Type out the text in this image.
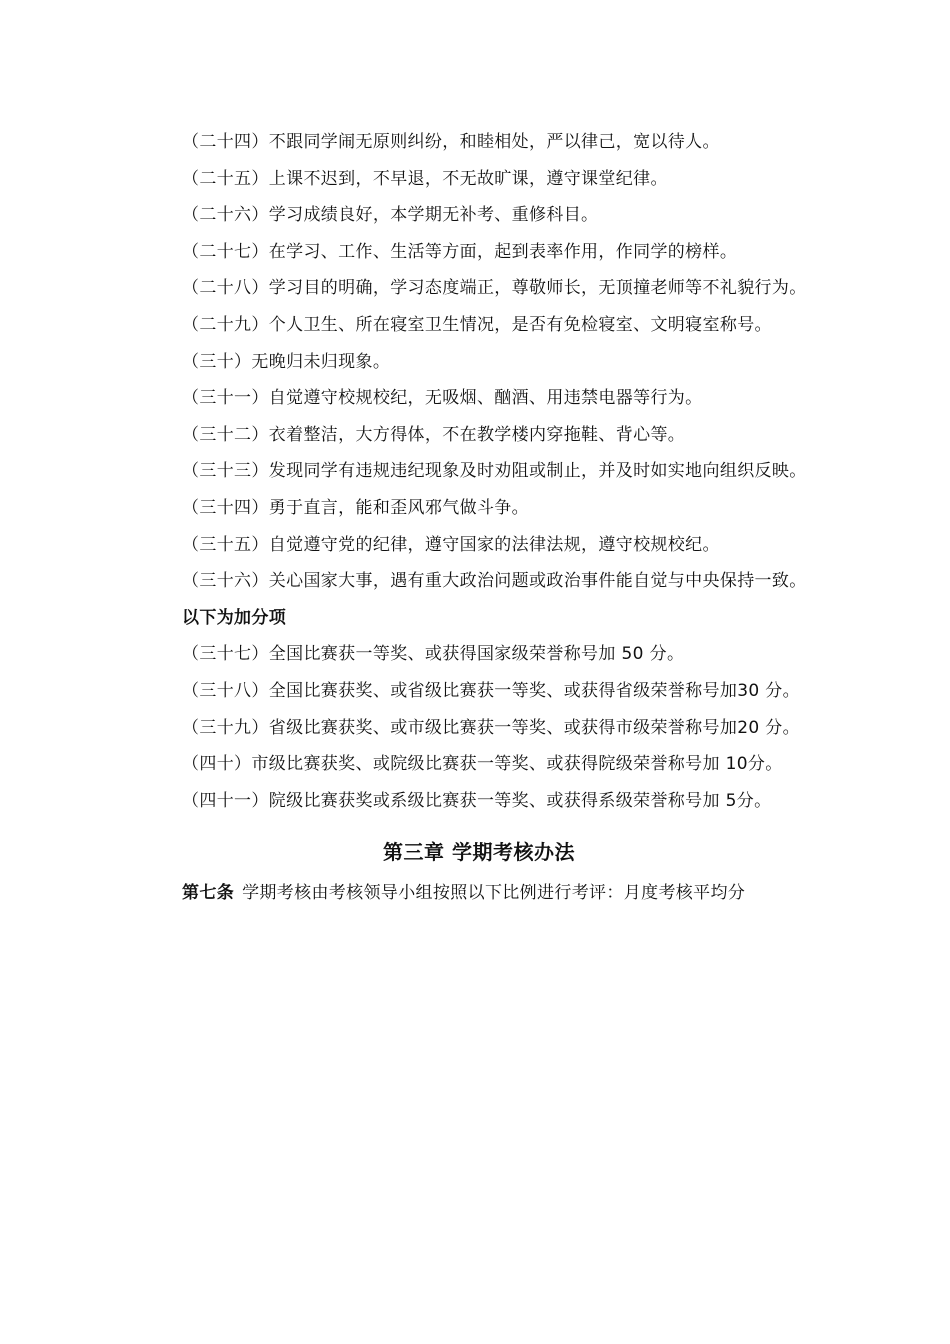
（二十四）不跟同学闹无原则纠纷，和睦相处，严以律己，宽以待人。

（二十五）上课不迟到，不早退，不无故旷课，遵守课堂纪律。

（二十六）学习成绩良好，本学期无补考、重修科目。

（二十七）在学习、工作、生活等方面，起到表率作用，作同学的榜样。

（二十八）学习目的明确，学习态度端正，尊敬师长，无顶撞老师等不礼貌行为。

（二十九）个人卫生、所在寝室卫生情况，是否有免检寝室、文明寝室称号。

（三十）无晚归未归现象。

（三十一）自觉遵守校规校纪，无吸烟、酗酒、用违禁电器等行为。

（三十二）衣着整洁，大方得体，不在教学楼内穿拖鞋、背心等。

（三十三）发现同学有违规违纪现象及时劝阻或制止，并及时如实地向组织反映。

（三十四）勇于直言，能和歪风邪气做斗争。

（三十五）自觉遵守党的纪律，遵守国家的法律法规，遵守校规校纪。

（三十六）关心国家大事，遇有重大政治问题或政治事件能自觉与中央保持一致。

以下为加分项

（三十七）全国比赛获一等奖、或获得国家级荣誉称号加 50 分。

（三十八）全国比赛获奖、或省级比赛获一等奖、或获得省级荣誉称号加30 分。

（三十九）省级比赛获奖、或市级比赛获一等奖、或获得市级荣誉称号加20 分。

（四十）市级比赛获奖、或院级比赛获一等奖、或获得院级荣誉称号加 10分。

（四十一）院级比赛获奖或系级比赛获一等奖、或获得系级荣誉称号加 5分。

第三章 学期考核办法

第七条 学期考核由考核领导小组按照以下比例进行考评：月度考核平均分
